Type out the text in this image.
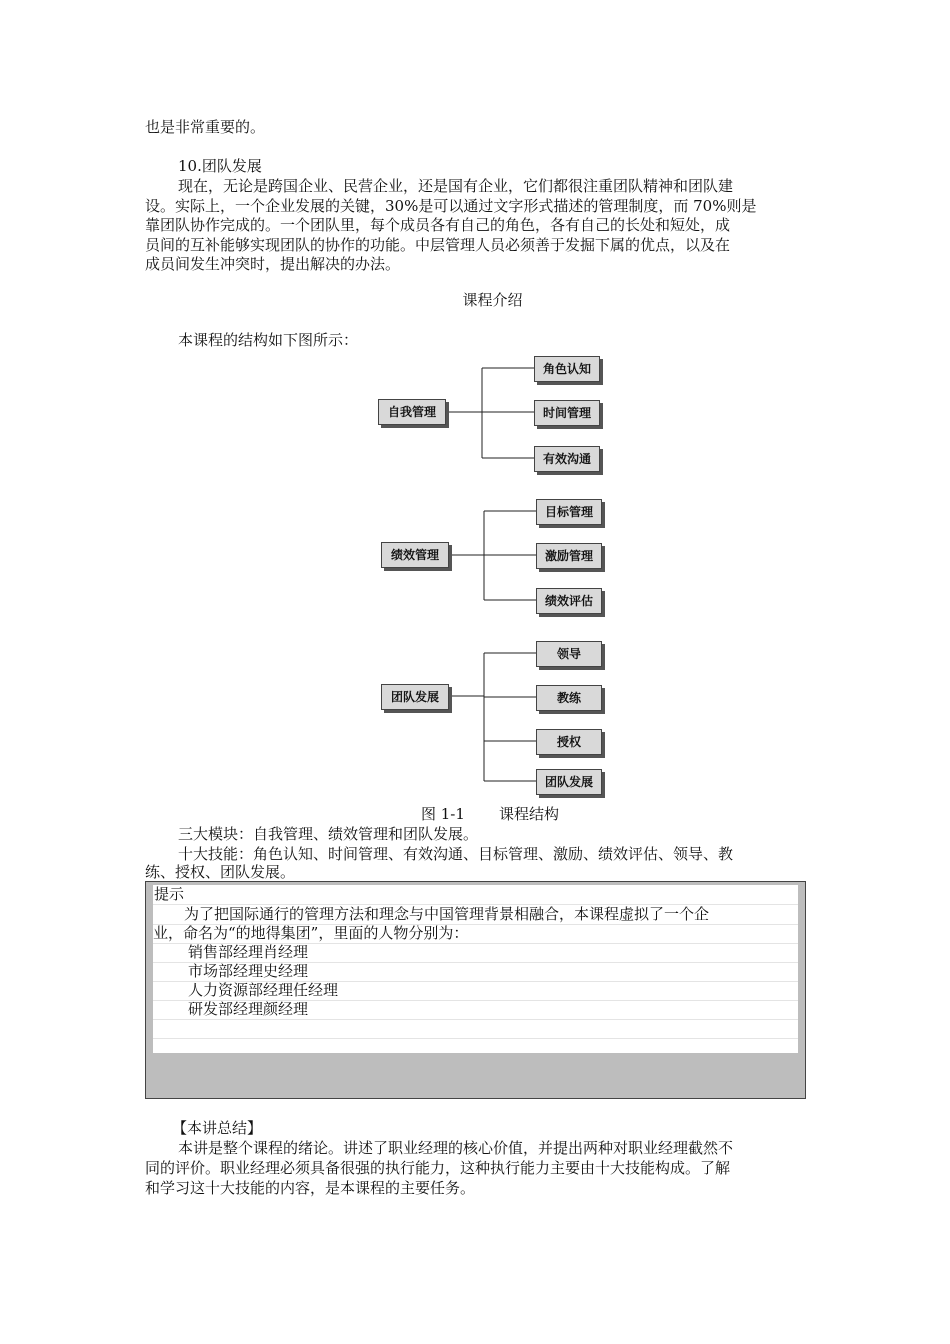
也是非常重要的。
10.团队发展
现在，无论是跨国企业、民营企业，还是国有企业，它们都很注重团队精神和团队建
设。实际上，一个企业发展的关键，30%是可以通过文字形式描述的管理制度，而 70%则是
靠团队协作完成的。一个团队里，每个成员各有自己的角色，各有自己的长处和短处，成
员间的互补能够实现团队的协作的功能。中层管理人员必须善于发掘下属的优点，以及在
成员间发生冲突时，提出解决的办法。
课程介绍
本课程的结构如下图所示：
自我管理
角色认知
时间管理
有效沟通
绩效管理
目标管理
激励管理
绩效评估
团队发展
领导
教练
授权
团队发展
图 1-1 课程结构
三大模块：自我管理、绩效管理和团队发展。
十大技能：角色认知、时间管理、有效沟通、目标管理、激励、绩效评估、领导、教
练、授权、团队发展。
提示
为了把国际通行的管理方法和理念与中国管理背景相融合，本课程虚拟了一个企
业，命名为“的地得集团”，里面的人物分别为：
销售部经理肖经理
市场部经理史经理
人力资源部经理任经理
研发部经理颜经理
【本讲总结】
本讲是整个课程的绪论。讲述了职业经理的核心价值，并提出两种对职业经理截然不
同的评价。职业经理必须具备很强的执行能力，这种执行能力主要由十大技能构成。了解
和学习这十大技能的内容，是本课程的主要任务。
